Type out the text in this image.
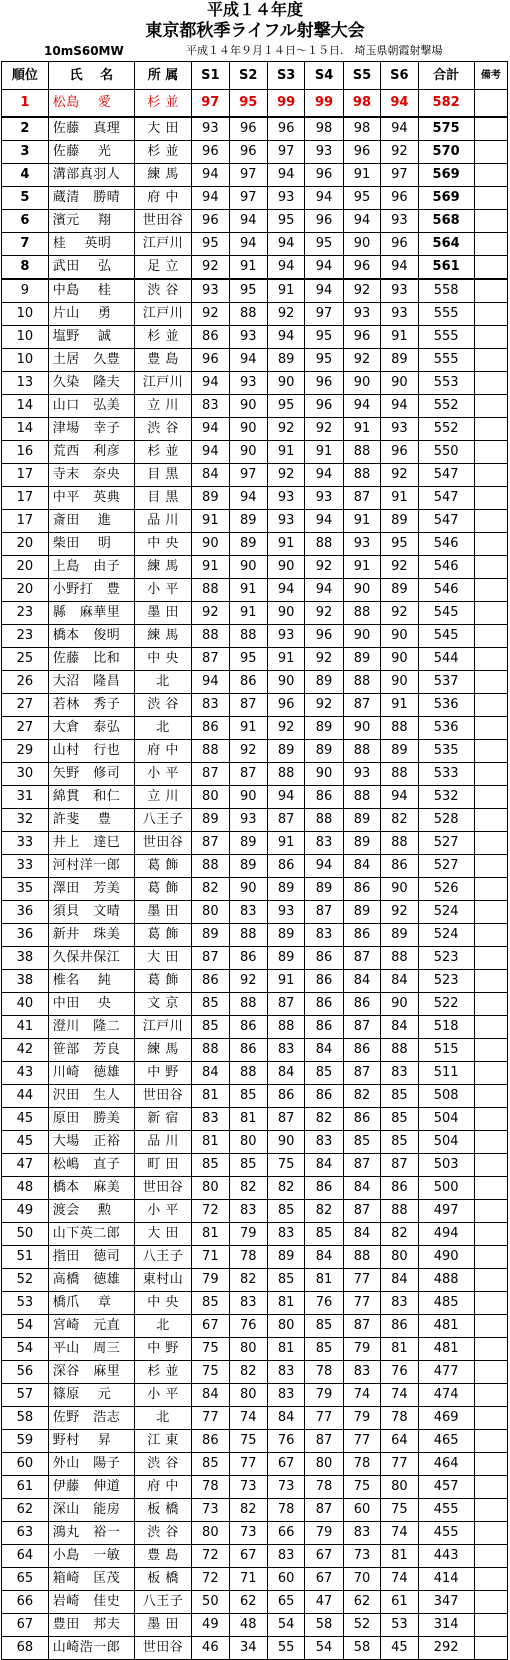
平成１４年度
東京都秋季ライフル射撃大会
10mS60MW	平成１４年９月１４日～１５日.　埼玉県朝霞射撃場
順位	氏　 名	所 属	S1	S2	S3	S4	S5	S6	合計	備考
1	松島　 愛	杉 並	97	95	99	99	98	94	582	
2	佐藤　真理	大 田	93	96	96	98	98	94	575	
3	佐藤　 光	杉 並	96	96	97	93	96	92	570	
4	溝部真羽人	練 馬	94	97	94	96	91	97	569	
5	蔵清　勝晴	府 中	94	97	93	94	95	96	569	
6	濱元　 翔	世田谷	96	94	95	96	94	93	568	
7	桂　 英明	江戸川	95	94	94	95	90	96	564	
8	武田　 弘	足 立	92	91	94	94	96	94	561	
9	中島　 桂	渋 谷	93	95	91	94	92	93	558	
10	片山　 勇	江戸川	92	88	92	97	93	93	555	
10	塩野　 誠	杉 並	86	93	94	95	96	91	555	
10	土居　久豊	豊 島	96	94	89	95	92	89	555	
13	久染　隆夫	江戸川	94	93	90	96	90	90	553	
14	山口　弘美	立 川	83	90	95	96	94	94	552	
14	津場　幸子	渋 谷	94	90	92	92	91	93	552	
16	荒西　利彦	杉 並	94	90	91	91	88	96	550	
17	寺末　奈央	目 黒	84	97	92	94	88	92	547	
17	中平　英典	目 黒	89	94	93	93	87	91	547	
17	斎田　 進	品 川	91	89	93	94	91	89	547	
20	柴田　 明	中 央	90	89	91	88	93	95	546	
20	上島　由子	練 馬	91	90	90	92	91	92	546	
20	小野打　豊	小 平	88	91	94	94	90	89	546	
23	縣　麻華里	墨 田	92	91	90	92	88	92	545	
23	橋本　俊明	練 馬	88	88	93	96	90	90	545	
25	佐藤　比和	中 央	87	95	91	92	89	90	544	
26	大沼　隆昌	北	94	86	90	89	88	90	537	
27	若林　秀子	渋 谷	83	87	96	92	87	91	536	
27	大倉　泰弘	北	86	91	92	89	90	88	536	
29	山村　行也	府 中	88	92	89	89	88	89	535	
30	矢野　修司	小 平	87	87	88	90	93	88	533	
31	綿貫　和仁	立 川	80	90	94	86	88	94	532	
32	許斐　 豊	八王子	89	93	87	88	89	82	528	
33	井上　達巳	世田谷	87	89	91	83	89	88	527	
33	河村洋一郎	葛 飾	88	89	86	94	84	86	527	
35	澤田　芳美	葛 飾	82	90	89	89	86	90	526	
36	須貝　文晴	墨 田	80	83	93	87	89	92	524	
36	新井　珠美	葛 飾	89	88	89	83	86	89	524	
38	久保井保江	大 田	87	86	89	86	87	88	523	
38	椎名　 純	葛 飾	86	92	91	86	84	84	523	
40	中田　 央	文 京	85	88	87	86	86	90	522	
41	澄川　隆二	江戸川	85	86	88	86	87	84	518	
42	笹部　芳良	練 馬	88	86	83	84	86	88	515	
43	川崎　徳雄	中 野	84	88	84	85	87	83	511	
44	沢田　生人	世田谷	81	85	86	86	82	85	508	
45	原田　勝美	新 宿	83	81	87	82	86	85	504	
45	大場　正裕	品 川	81	80	90	83	85	85	504	
47	松嶋　直子	町 田	85	85	75	84	87	87	503	
48	橋本　麻美	世田谷	80	82	82	86	84	86	500	
49	渡会　 勲	小 平	72	83	85	82	87	88	497	
50	山下英二郎	大 田	81	79	83	85	84	82	494	
51	指田　徳司	八王子	71	78	89	84	88	80	490	
52	高橋　徳雄	東村山	79	82	85	81	77	84	488	
53	橋爪　 章	中 央	85	83	81	76	77	83	485	
54	宮崎　元直	北	67	76	80	85	87	86	481	
54	平山　周三	中 野	75	80	81	85	79	81	481	
56	深谷　麻里	杉 並	75	82	83	78	83	76	477	
57	篠原　 元	小 平	84	80	83	79	74	74	474	
58	佐野　浩志	北	77	74	84	77	79	78	469	
59	野村　 昇	江 東	86	75	76	87	77	64	465	
60	外山　陽子	渋 谷	85	77	67	80	78	77	464	
61	伊藤　伸道	府 中	78	73	73	78	75	80	457	
62	深山　能房	板 橋	73	82	78	87	60	75	455	
63	鴻丸　裕一	渋 谷	80	73	66	79	83	74	455	
64	小島　一敏	豊 島	72	67	83	67	73	81	443	
65	箱崎　匡茂	板 橋	72	71	60	67	70	74	414	
66	岩崎　佳史	八王子	50	62	65	47	62	61	347	
67	豊田　邦夫	墨 田	49	48	54	58	52	53	314	
68	山崎浩一郎	世田谷	46	34	55	54	58	45	292	
